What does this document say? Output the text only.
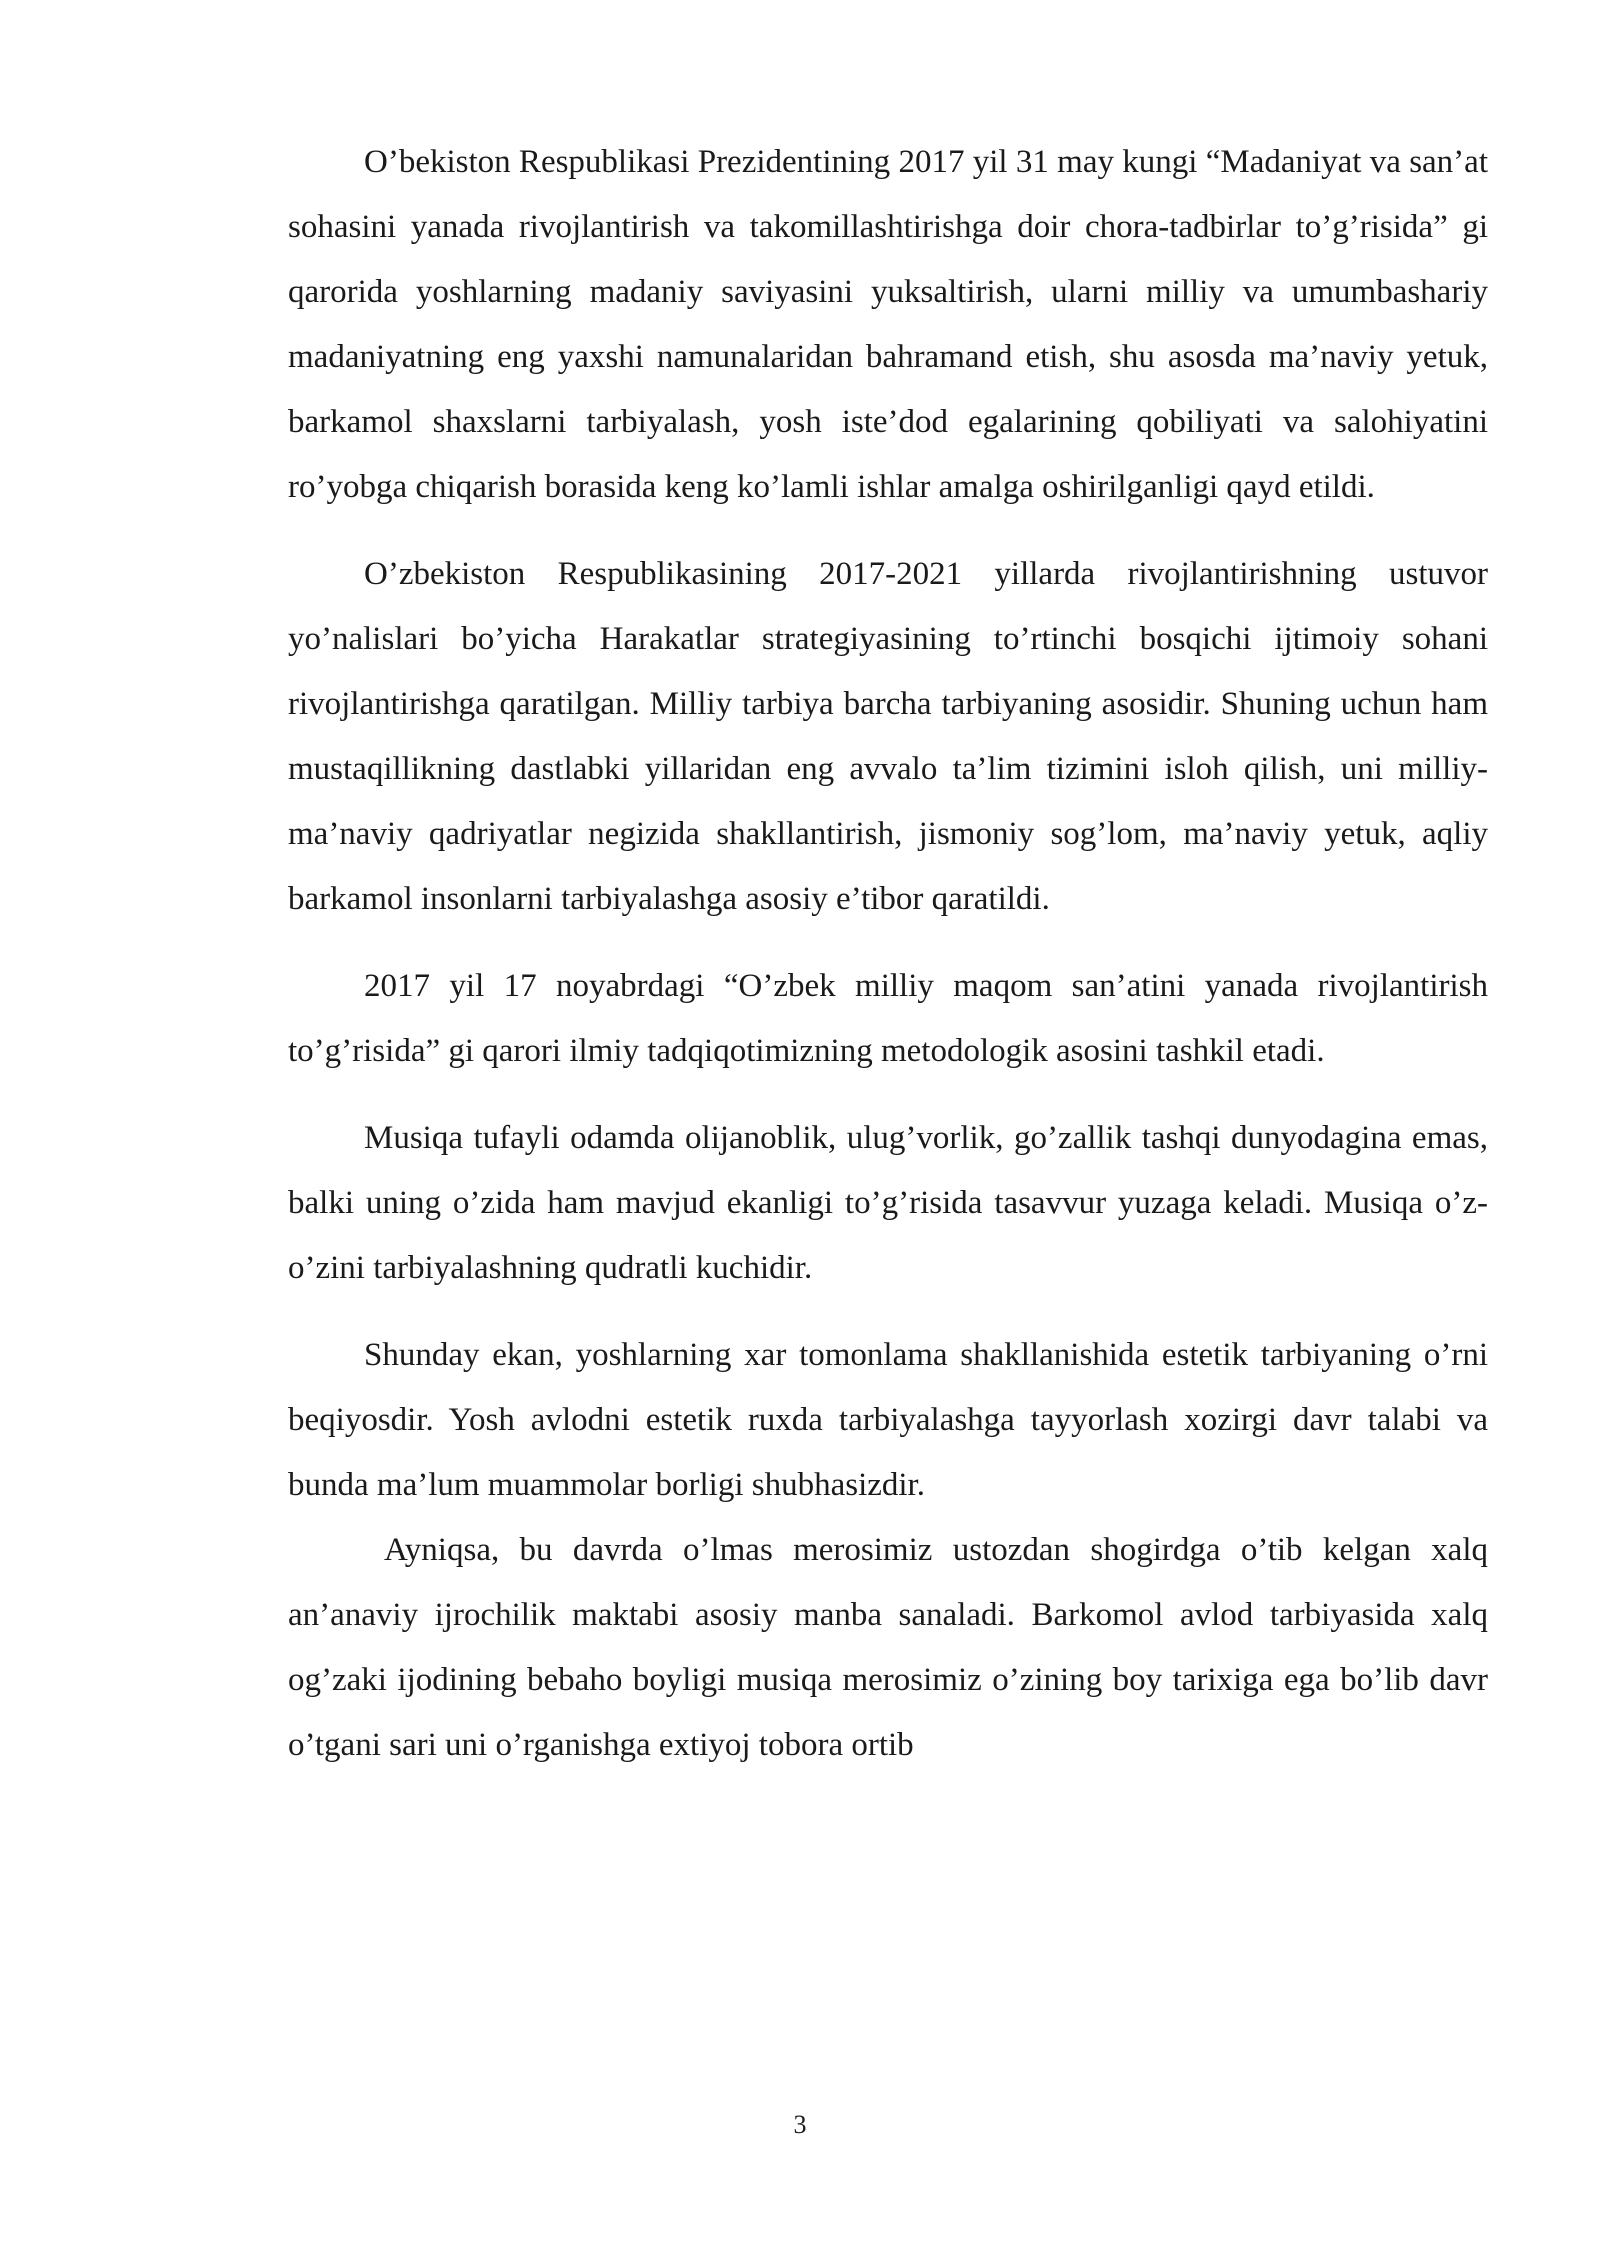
O’bekiston Respublikasi Prezidentining 2017 yil 31 may kungi “Madaniyat va san’at sohasini yanada rivojlantirish va takomillashtirishga doir chora-tadbirlar to’g’risida” gi qarorida yoshlarning madaniy saviyasini yuksaltirish, ularni milliy va umumbashariy madaniyatning eng yaxshi namunalaridan bahramand etish, shu asosda ma’naviy yetuk, barkamol shaxslarni tarbiyalash, yosh iste’dod egalarining qobiliyati va salohiyatini ro’yobga chiqarish borasida keng ko’lamli ishlar amalga oshirilganligi qayd etildi.

O’zbekiston Respublikasining 2017-2021 yillarda rivojlantirishning ustuvor yo’nalislari bo’yicha Harakatlar strategiyasining to’rtinchi bosqichi ijtimoiy sohani rivojlantirishga qaratilgan. Milliy tarbiya barcha tarbiyaning asosidir. Shuning uchun ham mustaqillikning dastlabki yillaridan eng avvalo ta’lim tizimini isloh qilish, uni milliy-ma’naviy qadriyatlar negizida shakllantirish, jismoniy sog’lom, ma’naviy yetuk, aqliy barkamol insonlarni tarbiyalashga asosiy e’tibor qaratildi.

2017 yil 17 noyabrdagi “O’zbek milliy maqom san’atini yanada rivojlantirish to’g’risida” gi qarori ilmiy tadqiqotimizning metodologik asosini tashkil etadi.

Musiqa tufayli odamda olijanoblik, ulug’vorlik, go’zallik tashqi dunyodagina emas, balki uning o’zida ham mavjud ekanligi to’g’risida tasavvur yuzaga keladi. Musiqa o’z-o’zini tarbiyalashning qudratli kuchidir.

Shunday ekan, yoshlarning xar tomonlama shakllanishida estetik tarbiyaning o’rni beqiyosdir. Yosh avlodni estetik ruxda tarbiyalashga tayyorlash xozirgi davr talabi va bunda ma’lum muammolar borligi shubhasizdir.

Ayniqsa, bu davrda o’lmas merosimiz ustozdan shogirdga o’tib kelgan xalq an’anaviy ijrochilik maktabi asosiy manba sanaladi. Barkomol avlod tarbiyasida xalq og’zaki ijodining bebaho boyligi musiqa merosimiz o’zining boy tarixiga ega bo’lib davr o’tgani sari uni o’rganishga extiyoj tobora ortib

3
